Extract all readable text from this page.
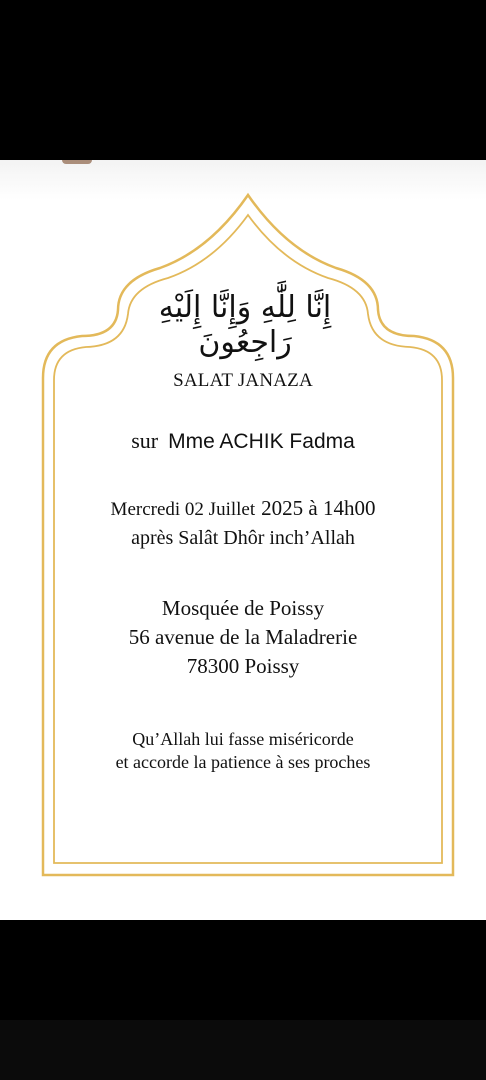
إِنَّا لِلَّٰهِ وَإِنَّا إِلَيْهِ رَاجِعُونَ
SALAT JANAZA
sur Mme ACHIK Fadma
Mercredi 02 Juillet 2025 à 14h00
après Salât Dhôr inch’Allah
Mosquée de Poissy
56 avenue de la Maladrerie
78300 Poissy
Qu’Allah lui fasse miséricorde
et accorde la patience à ses proches
